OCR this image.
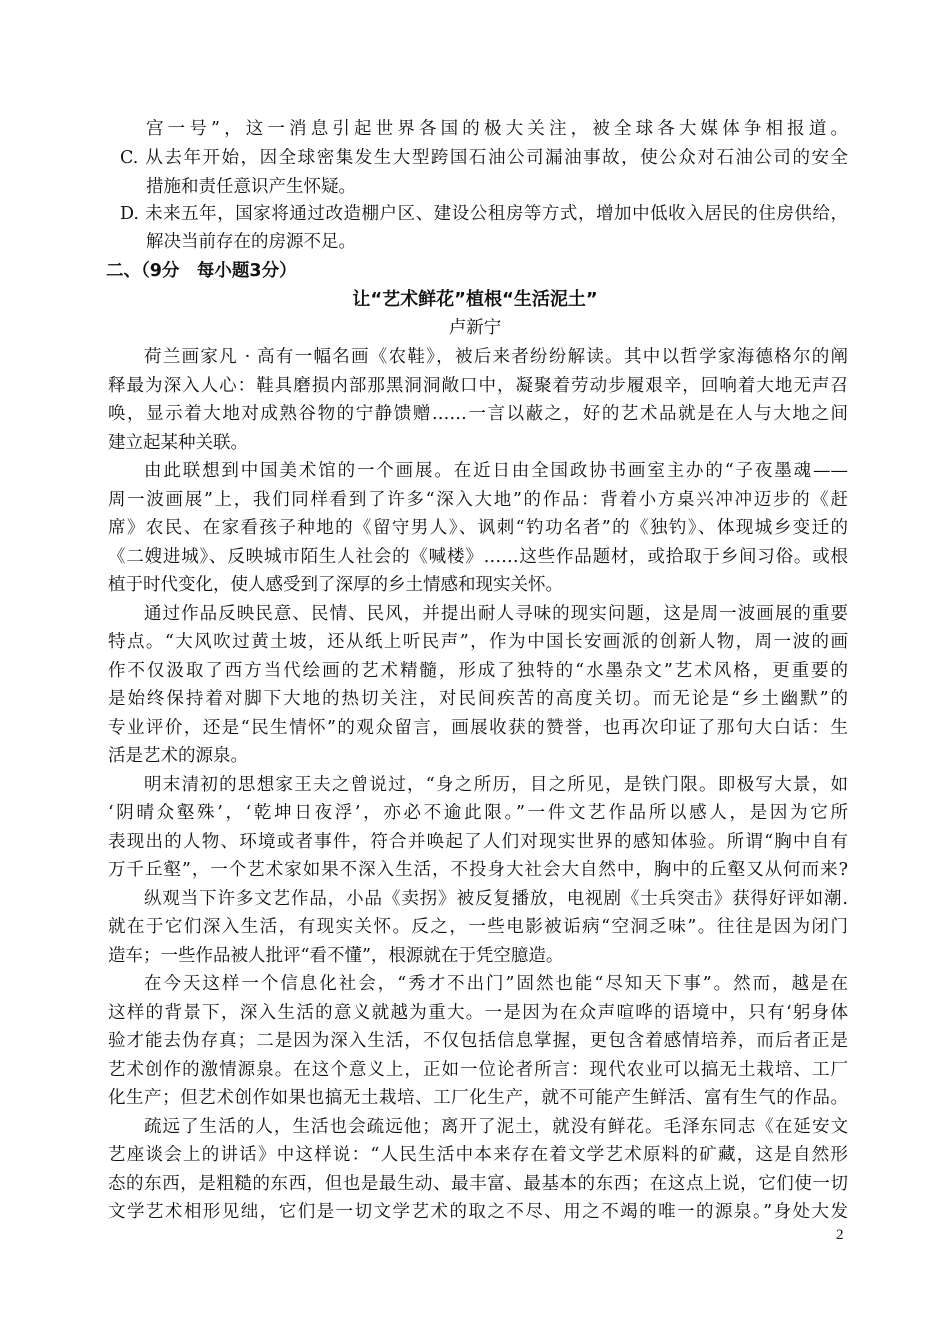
宫一号”，这一消息引起世界各国的极大关注，被全球各大媒体争相报道。
C. 从去年开始，因全球密集发生大型跨国石油公司漏油事故，使公众对石油公司的安全
措施和责任意识产生怀疑。
D. 未来五年，国家将通过改造棚户区、建设公租房等方式，增加中低收入居民的住房供给，
解决当前存在的房源不足。
二、（9分　每小题3分）
让“艺术鲜花”植根“生活泥土”
卢新宁
荷兰画家凡 · 高有一幅名画《农鞋》，被后来者纷纷解读。其中以哲学家海德格尔的阐
释最为深入人心：鞋具磨损内部那黑洞洞敞口中，凝聚着劳动步履艰辛，回响着大地无声召
唤，显示着大地对成熟谷物的宁静馈赠……一言以蔽之，好的艺术品就是在人与大地之间
建立起某种关联。
由此联想到中国美术馆的一个画展。在近日由全国政协书画室主办的“子夜墨魂——
周一波画展”上，我们同样看到了许多“深入大地”的作品：背着小方桌兴冲冲迈步的《赶
席》农民、在家看孩子种地的《留守男人》、讽刺“钓功名者”的《独钓》、体现城乡变迁的
《二嫂进城》、反映城市陌生人社会的《喊楼》……这些作品题材，或拾取于乡间习俗。或根
植于时代变化，使人感受到了深厚的乡土情感和现实关怀。
通过作品反映民意、民情、民风，并提出耐人寻味的现实问题，这是周一波画展的重要
特点。“大风吹过黄土坡，还从纸上听民声”，作为中国长安画派的创新人物，周一波的画
作不仅汲取了西方当代绘画的艺术精髓，形成了独特的“水墨杂文”艺术风格，更重要的
是始终保持着对脚下大地的热切关注，对民间疾苦的高度关切。而无论是“乡土幽默”的
专业评价，还是“民生情怀”的观众留言，画展收获的赞誉，也再次印证了那句大白话：生
活是艺术的源泉。
明末清初的思想家王夫之曾说过，“身之所历，目之所见，是铁门限。即极写大景，如
‘阴晴众壑殊’，‘乾坤日夜浮’，亦必不逾此限。”一件文艺作品所以感人，是因为它所
表现出的人物、环境或者事件，符合并唤起了人们对现实世界的感知体验。所谓“胸中自有
万千丘壑”，一个艺术家如果不深入生活，不投身大社会大自然中，胸中的丘壑又从何而来?
纵观当下许多文艺作品，小品《卖拐》被反复播放，电视剧《士兵突击》获得好评如潮.
就在于它们深入生活，有现实关怀。反之，一些电影被诟病“空洞乏味”。往往是因为闭门
造车；一些作品被人批评“看不懂”，根源就在于凭空臆造。
在今天这样一个信息化社会，“秀才不出门”固然也能“尽知天下事”。然而，越是在
这样的背景下，深入生活的意义就越为重大。一是因为在众声喧哗的语境中，只有‘躬身体
验才能去伪存真；二是因为深入生活，不仅包括信息掌握，更包含着感情培养，而后者正是
艺术创作的激情源泉。在这个意义上，正如一位论者所言：现代农业可以搞无土栽培、工厂
化生产；但艺术创作如果也搞无土栽培、工厂化生产，就不可能产生鲜活、富有生气的作品。
疏远了生活的人，生活也会疏远他；离开了泥土，就没有鲜花。毛泽东同志《在延安文
艺座谈会上的讲话》中这样说：“人民生活中本来存在着文学艺术原料的矿藏，这是自然形
态的东西，是粗糙的东西，但也是最生动、最丰富、最基本的东西；在这点上说，它们使一切
文学艺术相形见绌，它们是一切文学艺术的取之不尽、用之不竭的唯一的源泉。”身处大发
2
